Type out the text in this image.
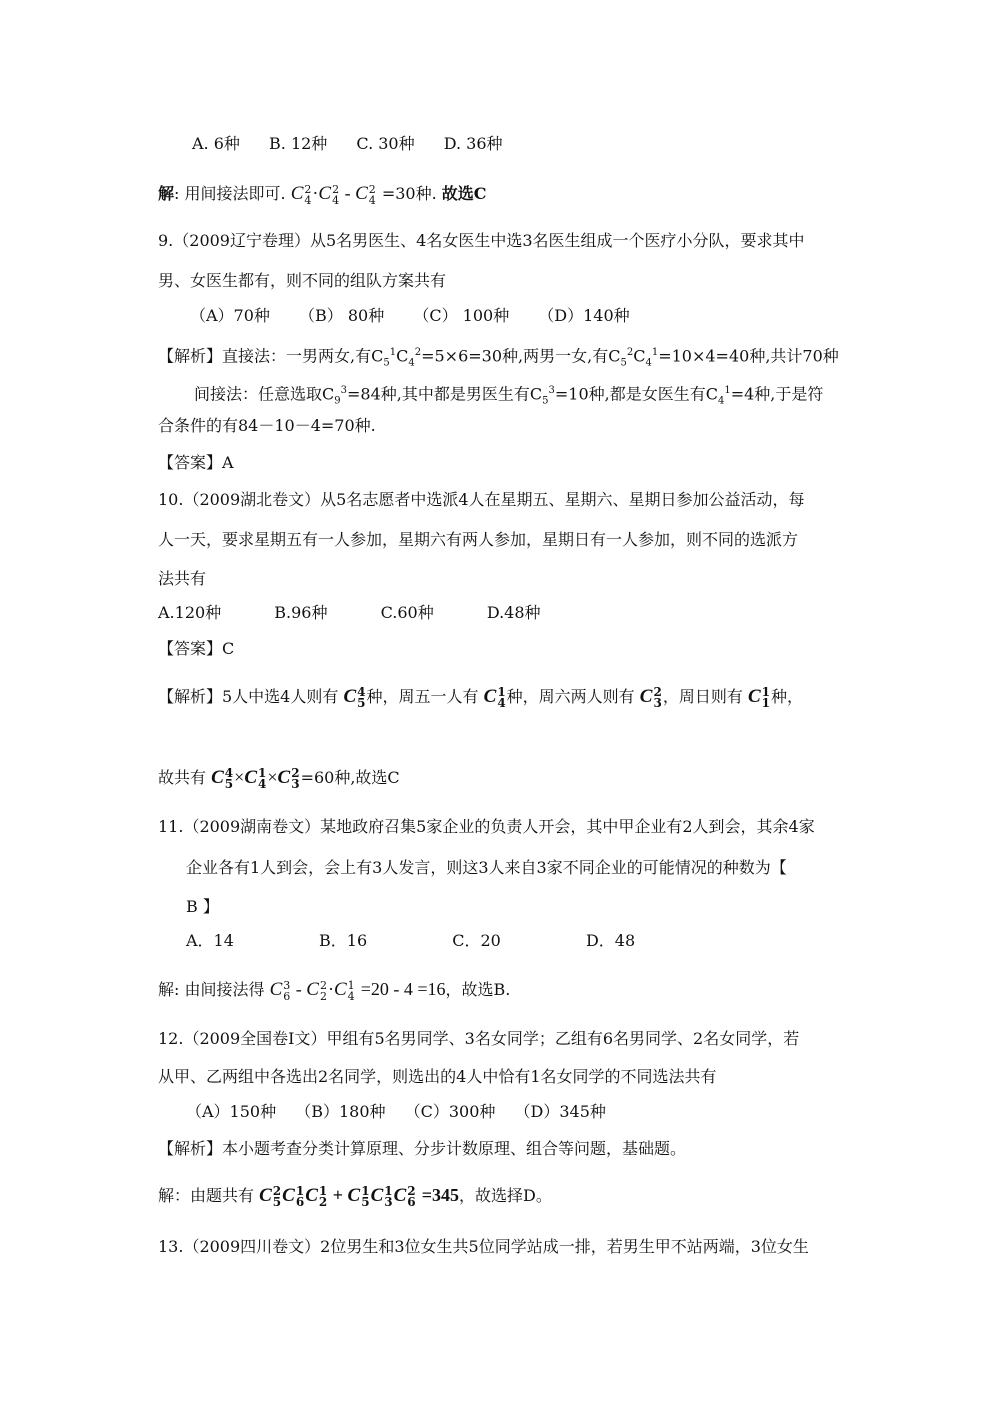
A. 6种 B. 12种 C. 30种 D. 36种
解: 用间接法即可. C 2
4 ·C 2
4 - C 2
4 =30种. 故选C
9.（2009辽宁卷理）从5名男医生、4名女医生中选3名医生组成一个医疗小分队，要求其中
男、女医生都有，则不同的组队方案共有
（A）70种 （B） 80种 （C） 100种 （D）140种
【解析】直接法：一男两女,有$C_5^1C_4^2=5\times 6=30$种,两男一女,有$C_5^2C_4^1=10\times 4=40$种,共计70种
间接法：任意选取$C_9^3=84$种,其中都是男医生有$C_5^3=10$种,都是女医生有$C_4^1=4$种,于是符
合条件的有84－10－4=70种.
【答案】A
10.（2009湖北卷文）从5名志愿者中选派4人在星期五、星期六、星期日参加公益活动，每
人一天，要求星期五有一人参加，星期六有两人参加，星期日有一人参加，则不同的选派方
法共有
A.120种	B.96种	C.60种	D.48种
【答案】C
【解析】5人中选4人则有 C 4
5 种，周五一人有 C 1
4 种，周六两人则有 C 2
3 ，周日则有 C 1
1 种，
故共有 C 4
5 ×C 1
4 ×C 2
3 =60种,故选C
11.（2009湖南卷文）某地政府召集5家企业的负责人开会，其中甲企业有2人到会，其余4家
企业各有1人到会，会上有3人发言，则这3人来自3家不同企业的可能情况的种数为【
B 】
A．14	B．16	C．20	D．48
解: 由间接法得 C 3
6 - C 2
2 ·C 1
4 =20 - 4 =16，故选B.
12.（2009全国卷Ⅰ文）甲组有5名男同学、3名女同学；乙组有6名男同学、2名女同学，若
从甲、乙两组中各选出2名同学，则选出的4人中恰有1名女同学的不同选法共有
（A）150种 （B）180种 （C）300种 （D）345种
【解析】本小题考查分类计算原理、分步计数原理、组合等问题，基础题。
解：由题共有 C 2
5 C 1
6 C 1
2 + C 1
5 C 1
3 C 2
6 =345，故选择D。
13.（2009四川卷文）2位男生和3位女生共5位同学站成一排，若男生甲不站两端，3位女生
